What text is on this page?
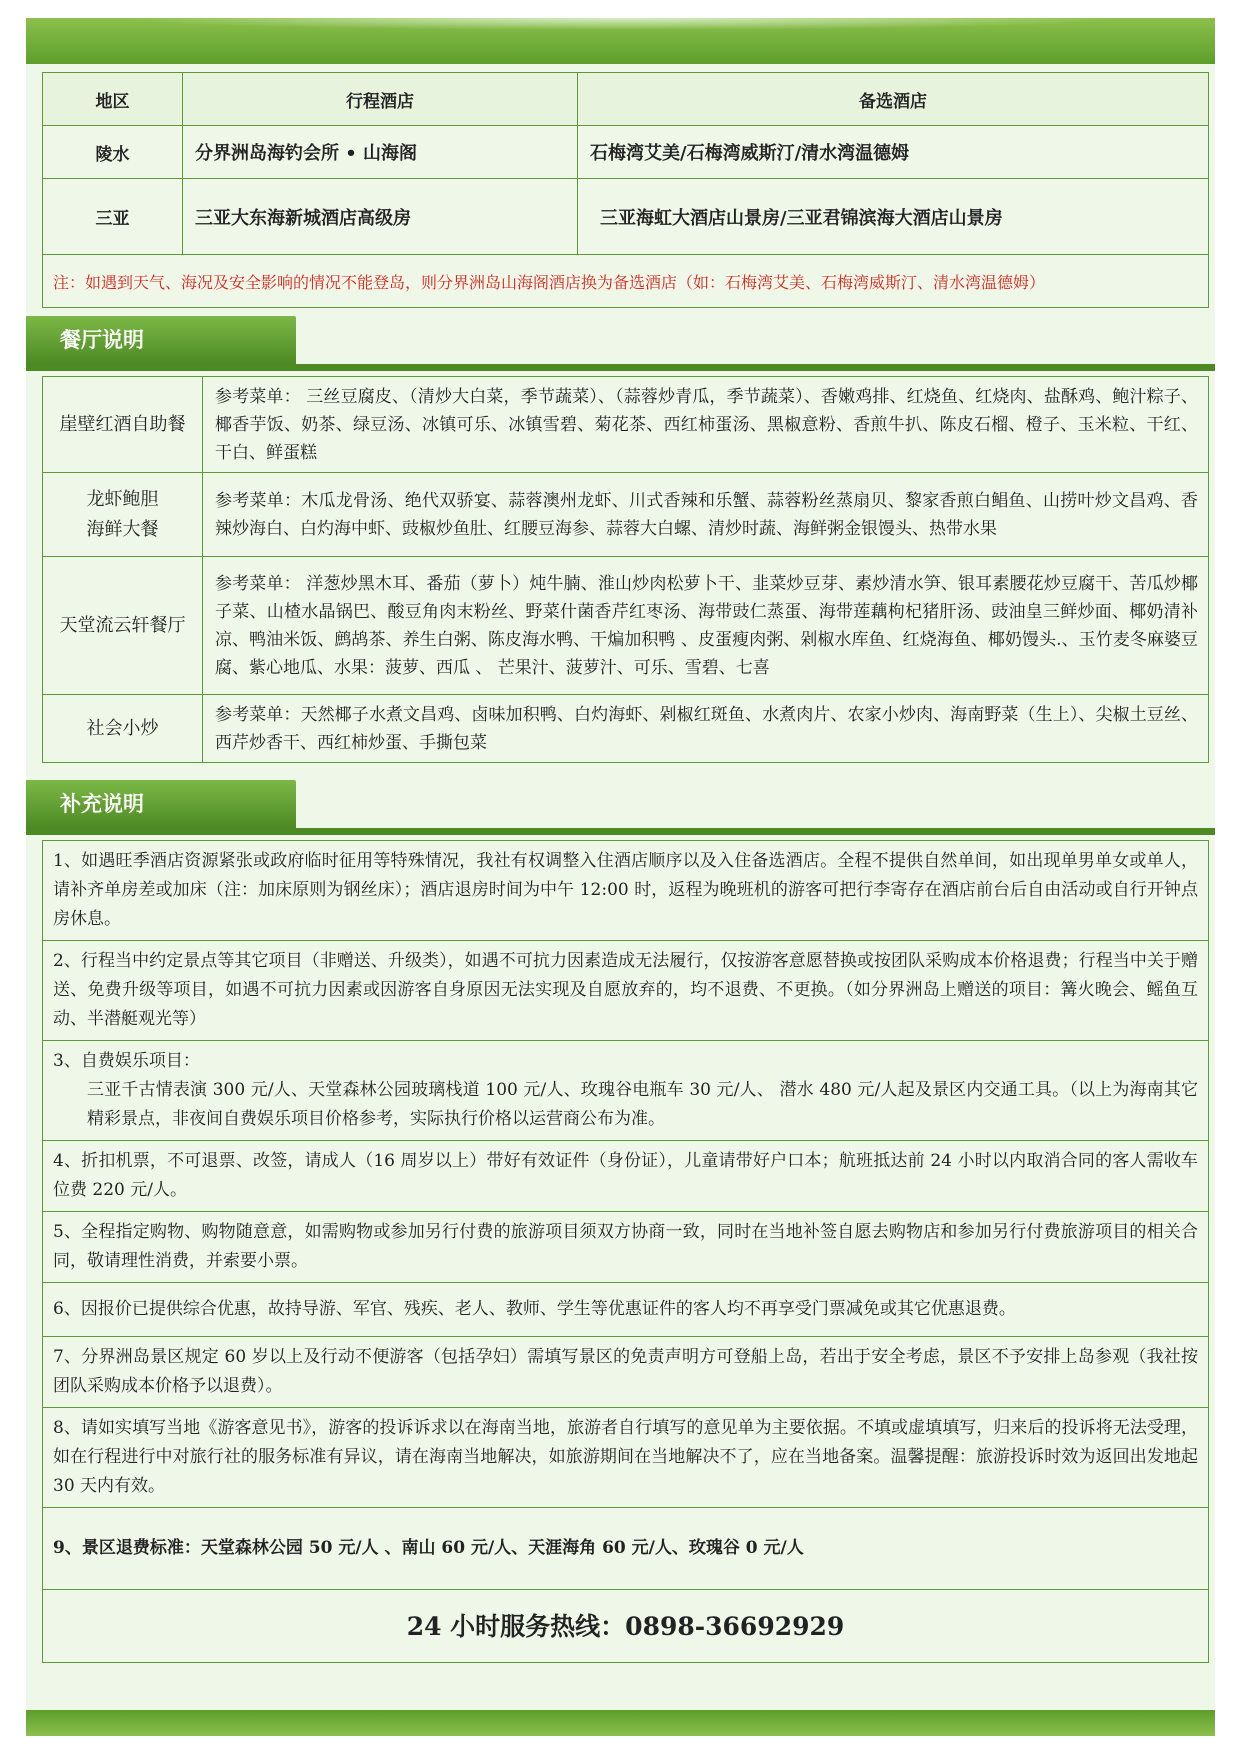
地区	行程酒店	备选酒店
陵水	分界洲岛海钓会所 • 山海阁	石梅湾艾美/石梅湾威斯汀/清水湾温德姆
三亚	三亚大东海新城酒店高级房	三亚海虹大酒店山景房/三亚君锦滨海大酒店山景房
注：如遇到天气、海况及安全影响的情况不能登岛，则分界洲岛山海阁酒店换为备选酒店（如：石梅湾艾美、石梅湾威斯汀、清水湾温德姆）		
餐厅说明
崖壁红酒自助餐	参考菜单： 三丝豆腐皮、（清炒大白菜，季节蔬菜）、（蒜蓉炒青瓜，季节蔬菜）、香嫩鸡排、红烧鱼、红烧肉、盐酥鸡、鲍汁粽子、椰香芋饭、奶茶、绿豆汤、冰镇可乐、冰镇雪碧、菊花茶、西红柿蛋汤、黑椒意粉、香煎牛扒、陈皮石榴、橙子、玉米粒、干红、干白、鲜蛋糕
龙虾鲍胆
海鲜大餐	参考菜单：木瓜龙骨汤、绝代双骄宴、蒜蓉澳州龙虾、川式香辣和乐蟹、蒜蓉粉丝蒸扇贝、黎家香煎白鲳鱼、山捞叶炒文昌鸡、香辣炒海白、白灼海中虾、豉椒炒鱼肚、红腰豆海参、蒜蓉大白螺、清炒时蔬、海鲜粥金银馒头、热带水果
天堂流云轩餐厅	参考菜单： 洋葱炒黑木耳、番茄（萝卜）炖牛腩、淮山炒肉松萝卜干、韭菜炒豆芽、素炒清水笋、银耳素腰花炒豆腐干、苦瓜炒椰子菜、山楂水晶锅巴、酸豆角肉末粉丝、野菜什菌香芹红枣汤、海带豉仁蒸蛋、海带莲藕枸杞猪肝汤、豉油皇三鲜炒面、椰奶清补凉、鸭油米饭、鹧鸪茶、养生白粥、陈皮海水鸭、干煸加积鸭 、皮蛋瘦肉粥、剁椒水库鱼、红烧海鱼、椰奶馒头.、玉竹麦冬麻婆豆腐、紫心地瓜、水果：菠萝、西瓜 、 芒果汁、菠萝汁、可乐、雪碧、七喜
社会小炒	参考菜单：天然椰子水煮文昌鸡、卤味加积鸭、白灼海虾、剁椒红斑鱼、水煮肉片、农家小炒肉、海南野菜（生上）、尖椒土豆丝、西芹炒香干、西红柿炒蛋、手撕包菜
补充说明
1、如遇旺季酒店资源紧张或政府临时征用等特殊情况，我社有权调整入住酒店顺序以及入住备选酒店。全程不提供自然单间，如出现单男单女或单人，请补齐单房差或加床（注：加床原则为钢丝床）；酒店退房时间为中午 12:00 时，返程为晚班机的游客可把行李寄存在酒店前台后自由活动或自行开钟点房休息。
2、行程当中约定景点等其它项目（非赠送、升级类），如遇不可抗力因素造成无法履行，仅按游客意愿替换或按团队采购成本价格退费；行程当中关于赠送、免费升级等项目，如遇不可抗力因素或因游客自身原因无法实现及自愿放弃的，均不退费、不更换。（如分界洲岛上赠送的项目：篝火晚会、鳐鱼互动、半潜艇观光等）
3、自费娱乐项目：
三亚千古情表演 300 元/人、天堂森林公园玻璃栈道 100 元/人、玫瑰谷电瓶车 30 元/人、 潜水 480 元/人起及景区内交通工具。（以上为海南其它精彩景点，非夜间自费娱乐项目价格参考，实际执行价格以运营商公布为准。

4、折扣机票，不可退票、改签，请成人（16 周岁以上）带好有效证件（身份证），儿童请带好户口本；航班抵达前 24 小时以内取消合同的客人需收车位费 220 元/人。
5、全程指定购物、购物随意意，如需购物或参加另行付费的旅游项目须双方协商一致，同时在当地补签自愿去购物店和参加另行付费旅游项目的相关合同，敬请理性消费，并索要小票。
6、因报价已提供综合优惠，故持导游、军官、残疾、老人、教师、学生等优惠证件的客人均不再享受门票减免或其它优惠退费。
7、分界洲岛景区规定 60 岁以上及行动不便游客（包括孕妇）需填写景区的免责声明方可登船上岛，若出于安全考虑，景区不予安排上岛参观（我社按团队采购成本价格予以退费）。
8、请如实填写当地《游客意见书》，游客的投诉诉求以在海南当地，旅游者自行填写的意见单为主要依据。不填或虚填填写，归来后的投诉将无法受理，如在行程进行中对旅行社的服务标准有异议，请在海南当地解决，如旅游期间在当地解决不了，应在当地备案。温馨提醒：旅游投诉时效为返回出发地起 30 天内有效。
9、景区退费标准：天堂森林公园 50 元/人 、南山 60 元/人、天涯海角 60 元/人、玫瑰谷 0 元/人
24 小时服务热线：0898-36692929
